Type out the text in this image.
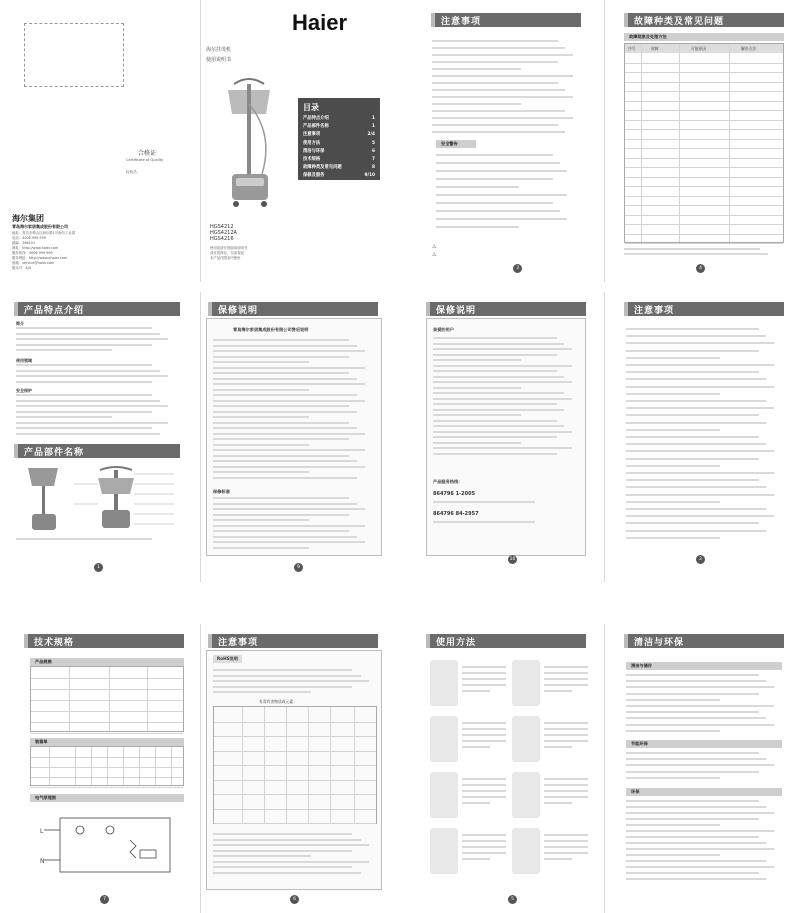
合格证
Certificate of Quality
检验员：
海尔集团
青岛海尔家居集成股份有限公司
地址：青岛市崂山区海尔路1号海尔工业园
电话：4006 999 999
邮编：266101
网址：http://www.haier.com
服务热线：4006 999 999
服务网址：http://www.ehaier.com
邮箱：service@haier.com
版本号：A/0
Haier
海尔挂烫机
使用说明书
目录
产品特点介绍	1
产品部件名称	1
注意事项	2/4
使用方法	5
清洁与环保	6
技术规格	7
故障种类及常见问题	8
保修及服务	9/10
HGS4212
HGS4212A
HGS4216
使用前请仔细阅读说明书
请妥善保存，以备查阅
本产品仅限室内使用
注意事项
安全警告
⚠
⚠
3
故障种类及常见问题
故障现象及处理方法
序号	故障	可能原因	解决方法
4
产品特点介绍
简介
使用领域
安全保护
产品部件名称
1
保修说明
青岛海尔家居集成股份有限公司售后说明
保修标准
9
保修说明
亲爱的用户
产品服务热线：
864796 1-2005
864796 84-2957
10
注意事项
2
技术规格
产品规格
装箱单
电气原理图
L
N
7
注意事项
RoHS说明
有毒有害物质或元素
6
使用方法
5
清洁与环保
清洁与储存
节能环保
环保
